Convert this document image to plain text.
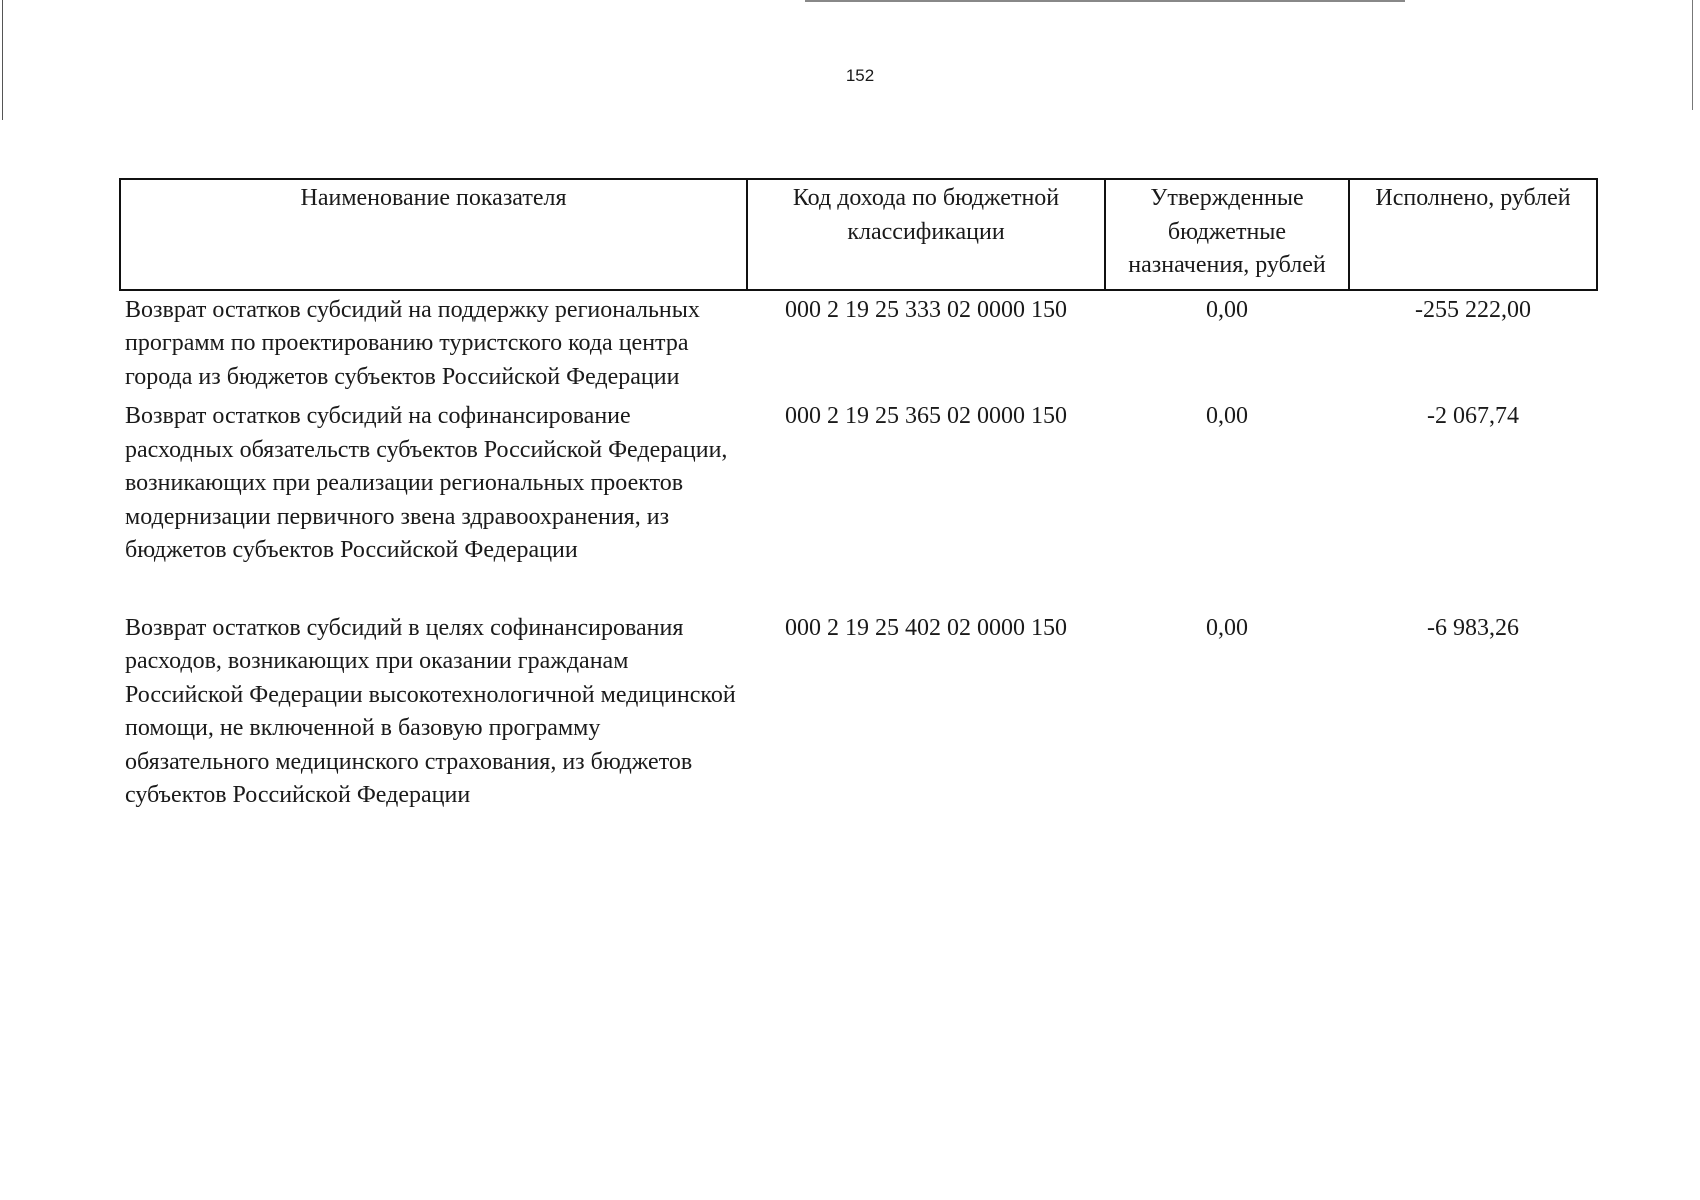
152
Наименование показателя	Код дохода по бюджетной классификации	Утвержденные бюджетные назначения, рублей	Исполнено, рублей
Возврат остатков субсидий на поддержку региональных программ по проектированию туристского кода центра города из бюджетов субъектов Российской Федерации	000 2 19 25 333 02 0000 150	0,00	-255 222,00
Возврат остатков субсидий на софинансирование расходных обязательств субъектов Российской Федерации, возникающих при реализации региональных проектов модернизации первичного звена здравоохранения, из бюджетов субъектов Российской Федерации	000 2 19 25 365 02 0000 150	0,00	-2 067,74
Возврат остатков субсидий в целях софинансирования расходов, возникающих при оказании гражданам Российской Федерации высокотехнологичной медицинской помощи, не включенной в базовую программу обязательного медицинского страхования, из бюджетов субъектов Российской Федерации	000 2 19 25 402 02 0000 150	0,00	-6 983,26
